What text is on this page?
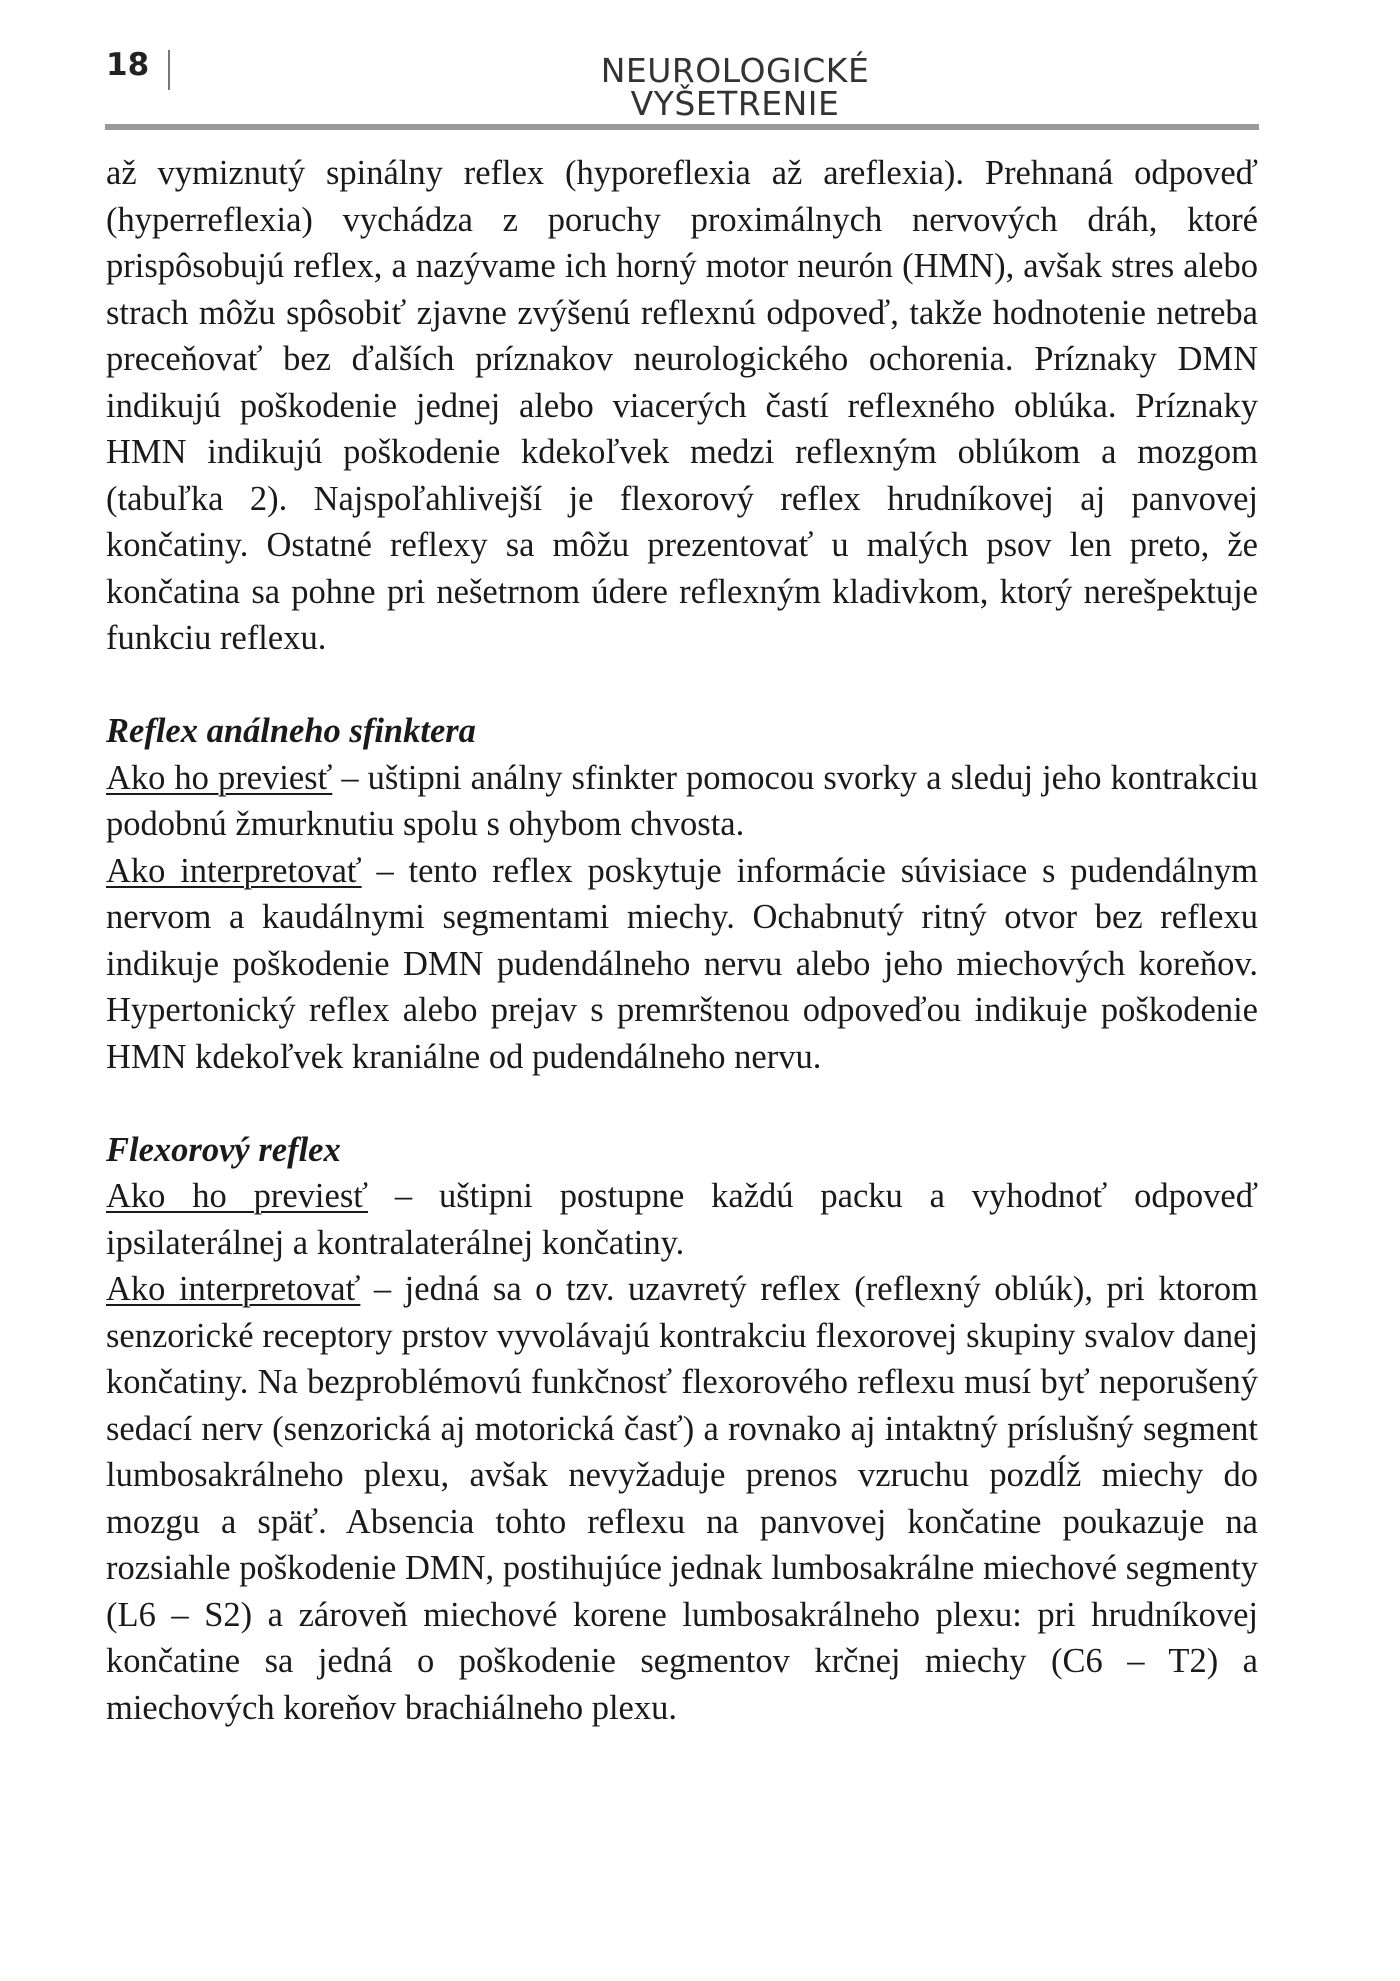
18	NEUROLOGICKÉ VYŠETRENIE

až vymiznutý spinálny reflex (hyporeflexia až areflexia). Prehnaná odpoveď (hyperreflexia) vychádza z poruchy proximálnych nervových dráh, ktoré prispôsobujú reflex, a nazývame ich horný motor neurón (HMN), avšak stres alebo strach môžu spôsobiť zjavne zvýšenú reflexnú odpoveď, takže hodnotenie netreba preceňovať bez ďalších príznakov neurologického ochorenia. Príznaky DMN indikujú poškodenie jednej alebo viacerých častí reflexného oblúka. Príznaky HMN indikujú poškodenie kdekoľvek medzi reflexným oblúkom a mozgom (tabuľka 2). Najspoľahlivejší je flexorový reflex hrudníkovej aj panvovej končatiny. Ostatné reflexy sa môžu prezentovať u malých psov len preto, že končatina sa pohne pri nešetrnom údere reflexným kladivkom, ktorý nerešpektuje funkciu reflexu.

Reflex análneho sfinktera

Ako ho previesť – uštipni análny sfinkter pomocou svorky a sleduj jeho kontrakciu podobnú žmurknutiu spolu s ohybom chvosta.

Ako interpretovať – tento reflex poskytuje informácie súvisiace s pudendálnym nervom a kaudálnymi segmentami miechy. Ochabnutý ritný otvor bez reflexu indikuje poškodenie DMN pudendálneho nervu alebo jeho miechových koreňov. Hypertonický reflex alebo prejav s premrštenou odpoveďou indikuje poškodenie HMN kdekoľvek kraniálne od pudendálneho nervu.

Flexorový reflex

Ako ho previesť – uštipni postupne každú packu a vyhodnoť odpoveď ipsilaterálnej a kontralaterálnej končatiny.

Ako interpretovať – jedná sa o tzv. uzavretý reflex (reflexný oblúk), pri ktorom senzorické receptory prstov vyvolávajú kontrakciu flexorovej skupiny svalov danej končatiny. Na bezproblémovú funkčnosť flexorového reflexu musí byť neporušený sedací nerv (senzorická aj motorická časť) a rovnako aj intaktný príslušný segment lumbosakrálneho plexu, avšak nevyžaduje prenos vzruchu pozdĺž miechy do mozgu a späť. Absencia tohto reflexu na panvovej končatine poukazuje na rozsiahle poškodenie DMN, postihujúce jednak lumbosakrálne miechové segmenty (L6 – S2) a zároveň miechové korene lumbosakrálneho plexu: pri hrudníkovej končatine sa jedná o poškodenie segmentov krčnej miechy (C6 – T2) a miechových koreňov brachiálneho plexu.
